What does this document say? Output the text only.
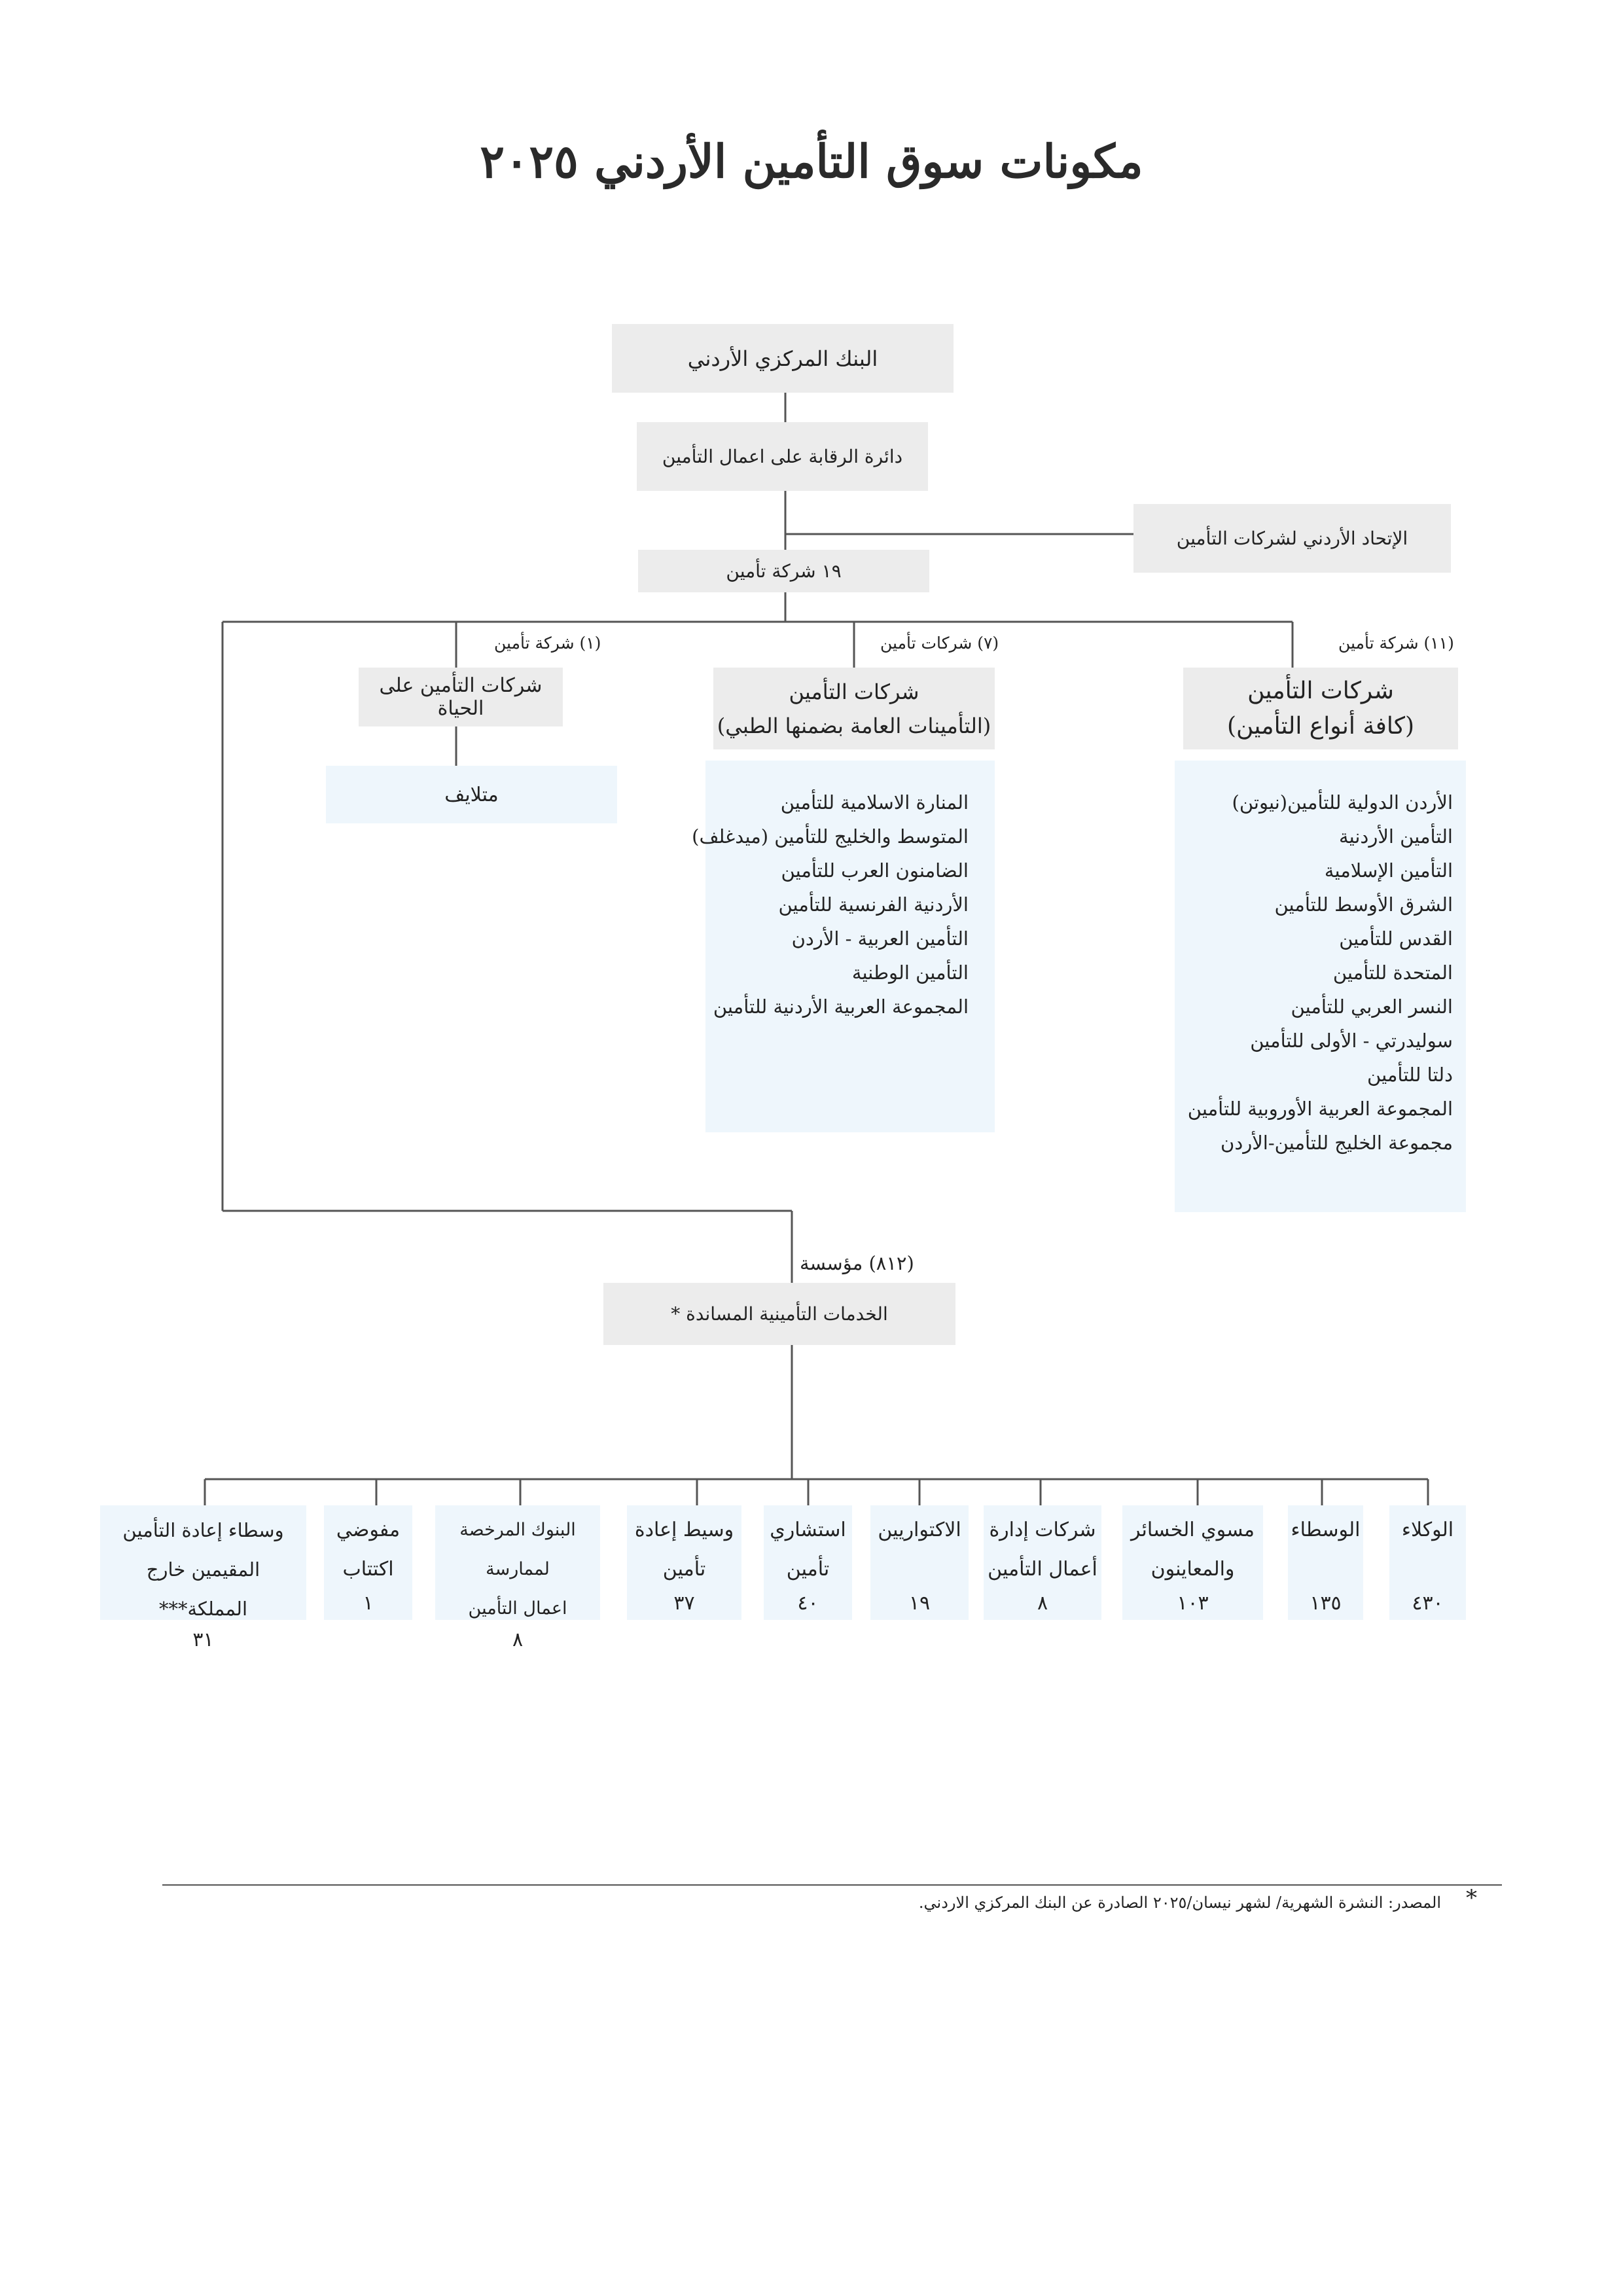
مكونات سوق التأمين الأردني ٢٠٢٥
البنك المركزي الأردني
دائرة الرقابة على اعمال التأمين
الإتحاد الأردني لشركات التأمين
١٩ شركة تأمين
(١) شركة تأمين	(٧) شركات تأمين	(١١) شركة تأمين
شركات التأمين على الحياة
شركات التأمين
(التأمينات العامة بضمنها الطبي)
شركات التأمين
(كافة أنواع التأمين)
متلايف	المنارة الاسلامية للتأمين
المتوسط والخليج للتأمين (ميدغلف)
الضامنون العرب للتأمين
الأردنية الفرنسية للتأمين
التأمين العربية - الأردن
التأمين الوطنية
المجموعة العربية الأردنية للتأمين
الأردن الدولية للتأمين(نيوتن)
التأمين الأردنية
التأمين الإسلامية
الشرق الأوسط للتأمين
القدس للتأمين
المتحدة للتأمين
النسر العربي للتأمين
سوليدرتي - الأولى للتأمين
دلتا للتأمين
المجموعة العربية الأوروبية للتأمين
مجموعة الخليج للتأمين-الأردن
(٨١٢) مؤسسة
الخدمات التأمينية المساندة *
الوكلاء
٤٣٠
الوسطاء
١٣٥
مسوي الخسائر
والمعاينون
١٠٣
شركات إدارة
أعمال التأمين
٨
الاكتواريين
١٩
استشاري
تأمين
٤٠
وسيط إعادة
تأمين
٣٧
البنوك المرخصة لممارسة
اعمال التأمين
٨
مفوضي
اكتتاب
١
وسطاء إعادة التأمين
المقيمين خارج المملكة***
٣١
*
المصدر: النشرة الشهرية/ لشهر نيسان/٢٠٢٥ الصادرة عن البنك المركزي الاردني.
